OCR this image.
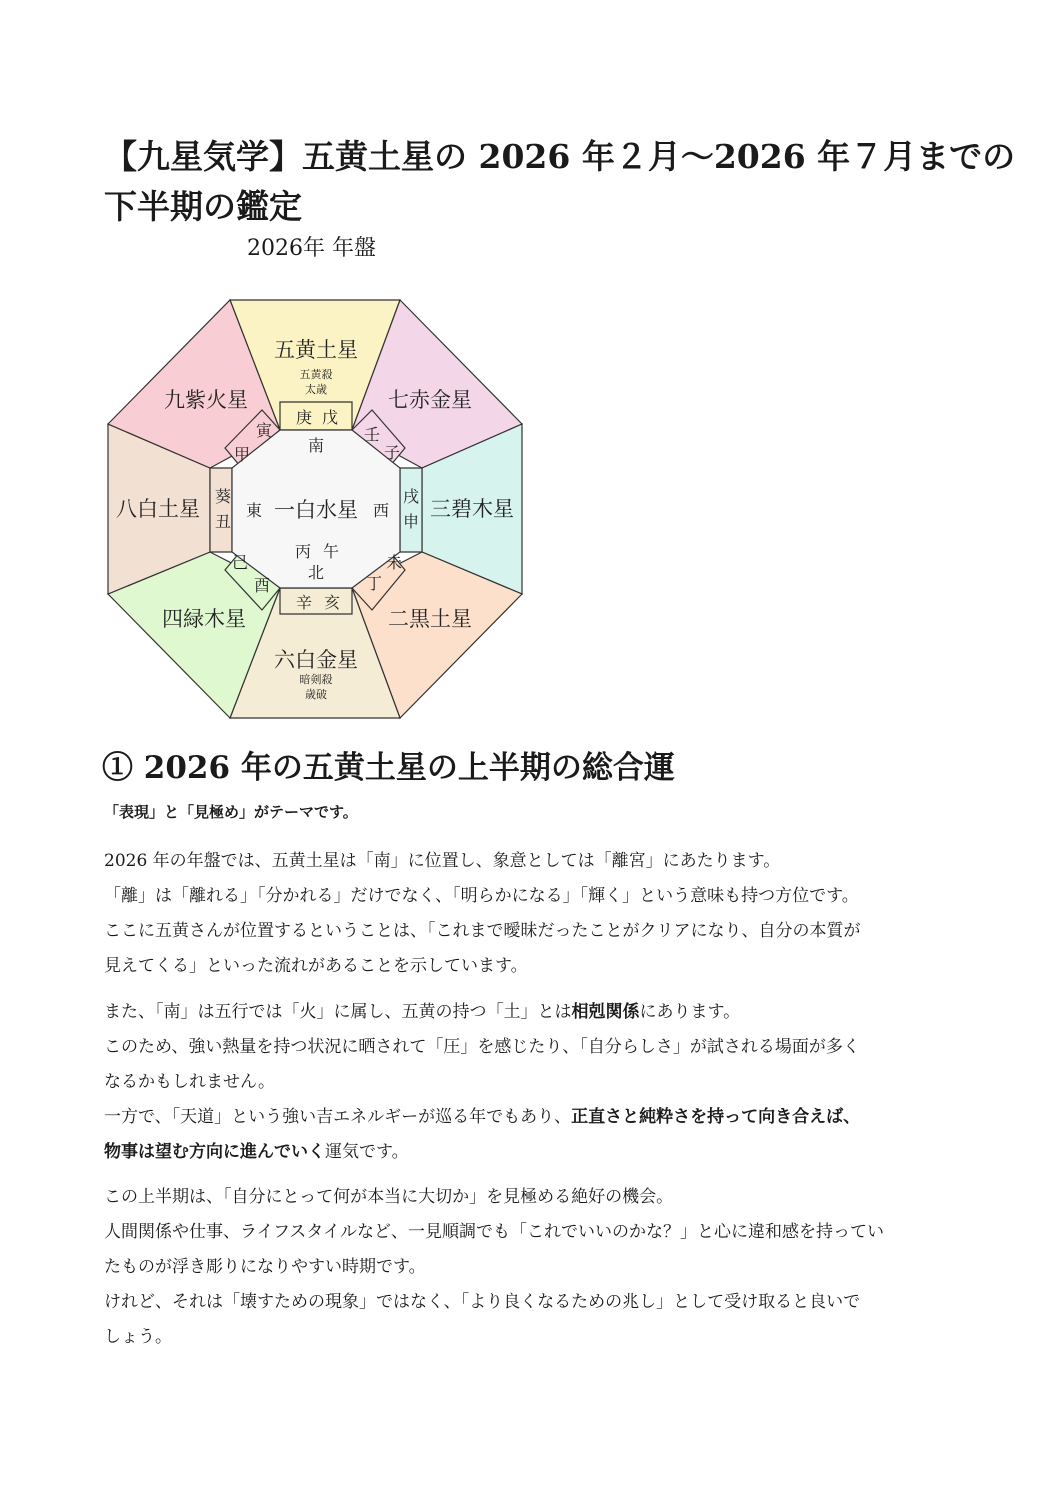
【九星気学】五黄土星の 2026 年２月～2026 年７月までの
下半期の鑑定
2026年 年盤
五黄土星
五黄殺
太歳	七赤金星
三碧木星
二黒土星
六白金星
暗剣殺
歳破
四緑木星
八白土星
九紫火星
庚 戊
壬
子
戌
申
未
丁
辛 亥
己
酉
葵
丑
寅
甲	南
東	西
一白水星
丙 午
北
① 2026 年の五黄土星の上半期の総合運
「表現」と「見極め」がテーマです。

2026 年の年盤では、五黄土星は「南」に位置し、象意としては「離宮」にあたります。
「離」は「離れる」「分かれる」だけでなく、「明らかになる」「輝く」という意味も持つ方位です。
ここに五黄さんが位置するということは、「これまで曖昧だったことがクリアになり、自分の本質が
見えてくる」といった流れがあることを示しています。

また、「南」は五行では「火」に属し、五黄の持つ「土」とは相剋関係にあります。
このため、強い熱量を持つ状況に晒されて「圧」を感じたり、「自分らしさ」が試される場面が多く
なるかもしれません。
一方で、「天道」という強い吉エネルギーが巡る年でもあり、正直さと純粋さを持って向き合えば、
物事は望む方向に進んでいく運気です。

この上半期は、「自分にとって何が本当に大切か」を見極める絶好の機会。
人間関係や仕事、ライフスタイルなど、一見順調でも「これでいいのかな？」と心に違和感を持ってい
たものが浮き彫りになりやすい時期です。
けれど、それは「壊すための現象」ではなく、「より良くなるための兆し」として受け取ると良いで
しょう。
